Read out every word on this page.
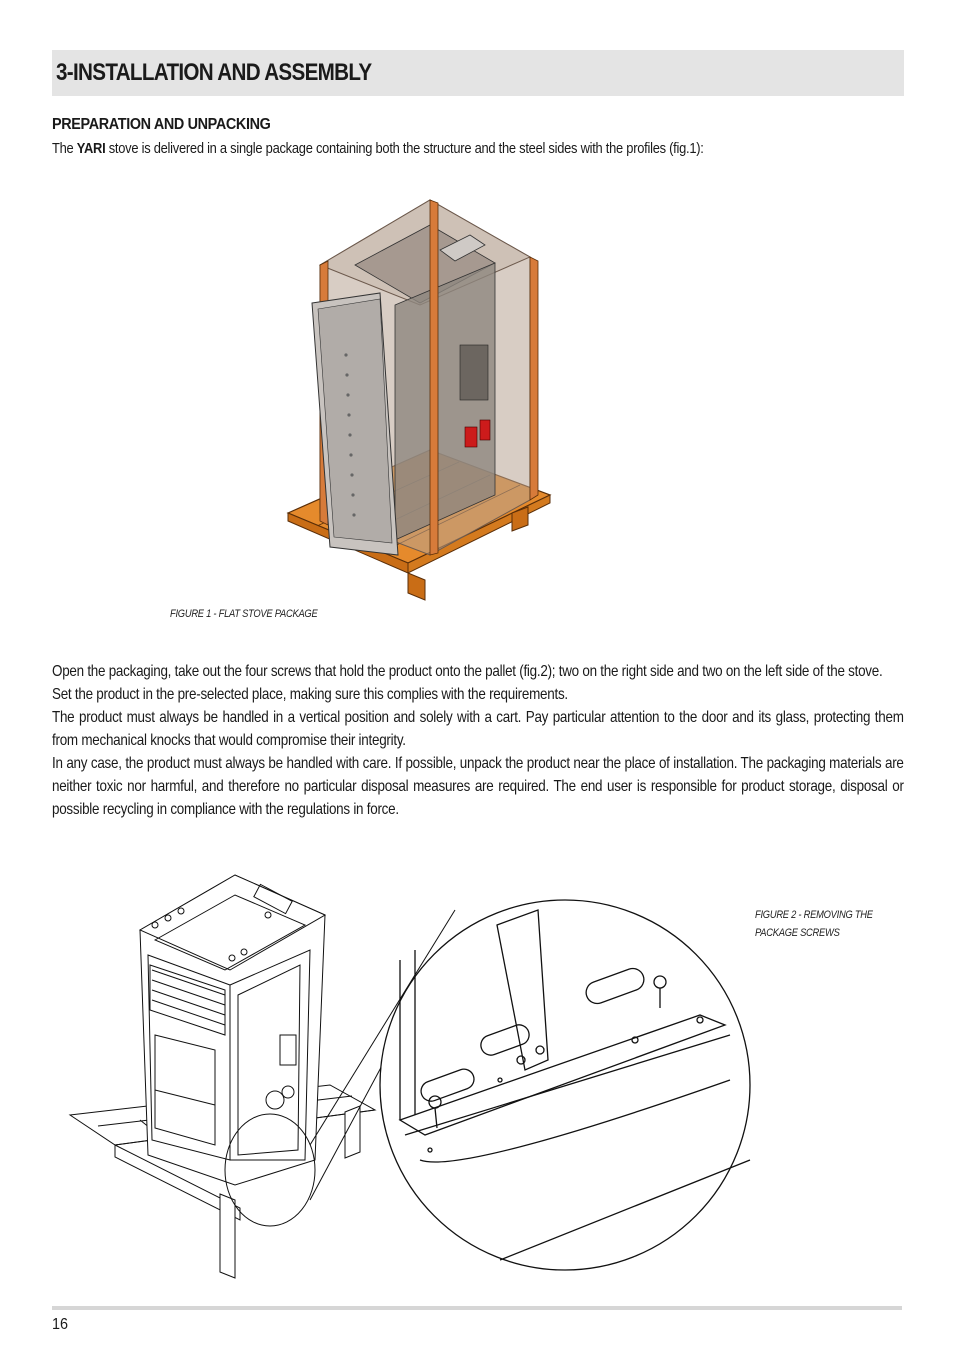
3-INSTALLATION AND ASSEMBLY
PREPARATION AND UNPACKING

The YARI stove is delivered in a single package containing both the structure and the steel sides with the profiles (fig.1):

FIGURE 1 - FLAT STOVE PACKAGE

Open the packaging, take out the four screws that hold the product onto the pallet (fig.2); two on the right side and two on the left side of the stove.

Set the product in the pre-selected place, making sure this complies with the requirements.

The product must always be handled in a vertical position and solely with a cart. Pay particular attention to the door and its glass, protecting them from mechanical knocks that would compromise their integrity.

In any case, the product must always be handled with care. If possible, unpack the product near the place of installation. The packaging materials are neither toxic nor harmful, and therefore no particular disposal measures are required. The end user is responsible for product storage, disposal or possible recycling in compliance with the regulations in force.

FIGURE 2 - REMOVING THE
PACKAGE SCREWS

16
